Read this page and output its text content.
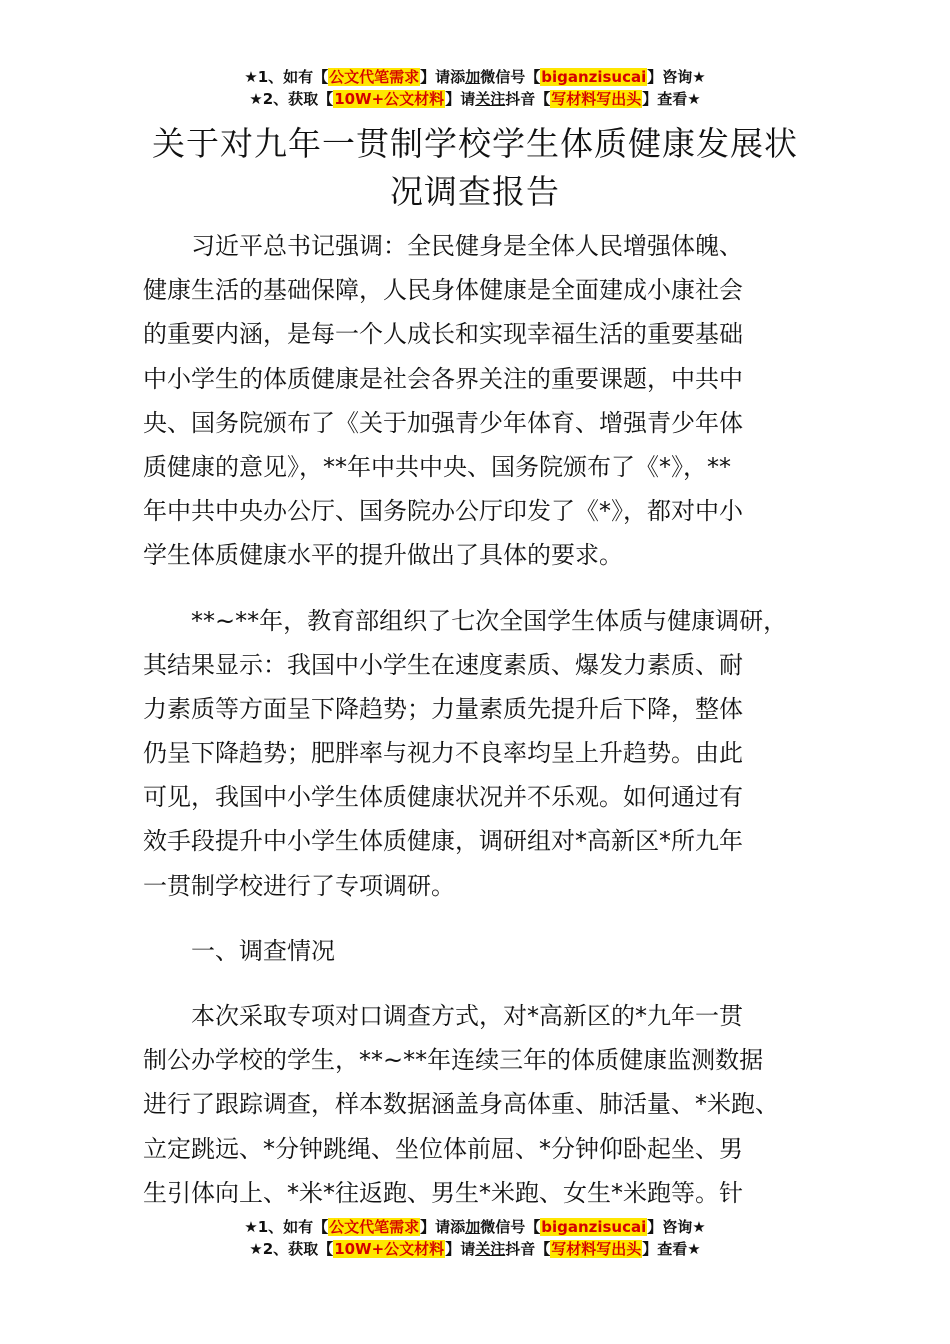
★1、如有【公文代笔需求】请添加微信号【biganzisucai】咨询★
★2、获取【10W+公文材料】请关注抖音【写材料写出头】查看★
关于对九年一贯制学校学生体质健康发展状
况调查报告
习近平总书记强调：全民健身是全体人民增强体魄、
健康生活的基础保障，人民身体健康是全面建成小康社会
的重要内涵，是每一个人成长和实现幸福生活的重要基础
中小学生的体质健康是社会各界关注的重要课题，中共中
央、国务院颁布了《关于加强青少年体育、增强青少年体
质健康的意见》，**年中共中央、国务院颁布了《*》，**
年中共中央办公厅、国务院办公厅印发了《*》，都对中小
学生体质健康水平的提升做出了具体的要求。
**~**年，教育部组织了七次全国学生体质与健康调研，
其结果显示：我国中小学生在速度素质、爆发力素质、耐
力素质等方面呈下降趋势；力量素质先提升后下降，整体
仍呈下降趋势；肥胖率与视力不良率均呈上升趋势。由此
可见，我国中小学生体质健康状况并不乐观。如何通过有
效手段提升中小学生体质健康，调研组对*高新区*所九年
一贯制学校进行了专项调研。
一、调查情况
本次采取专项对口调查方式，对*高新区的*九年一贯
制公办学校的学生，**~**年连续三年的体质健康监测数据
进行了跟踪调查，样本数据涵盖身高体重、肺活量、*米跑、
立定跳远、*分钟跳绳、坐位体前屈、*分钟仰卧起坐、男
生引体向上、*米*往返跑、男生*米跑、女生*米跑等。针
★1、如有【公文代笔需求】请添加微信号【biganzisucai】咨询★
★2、获取【10W+公文材料】请关注抖音【写材料写出头】查看★
